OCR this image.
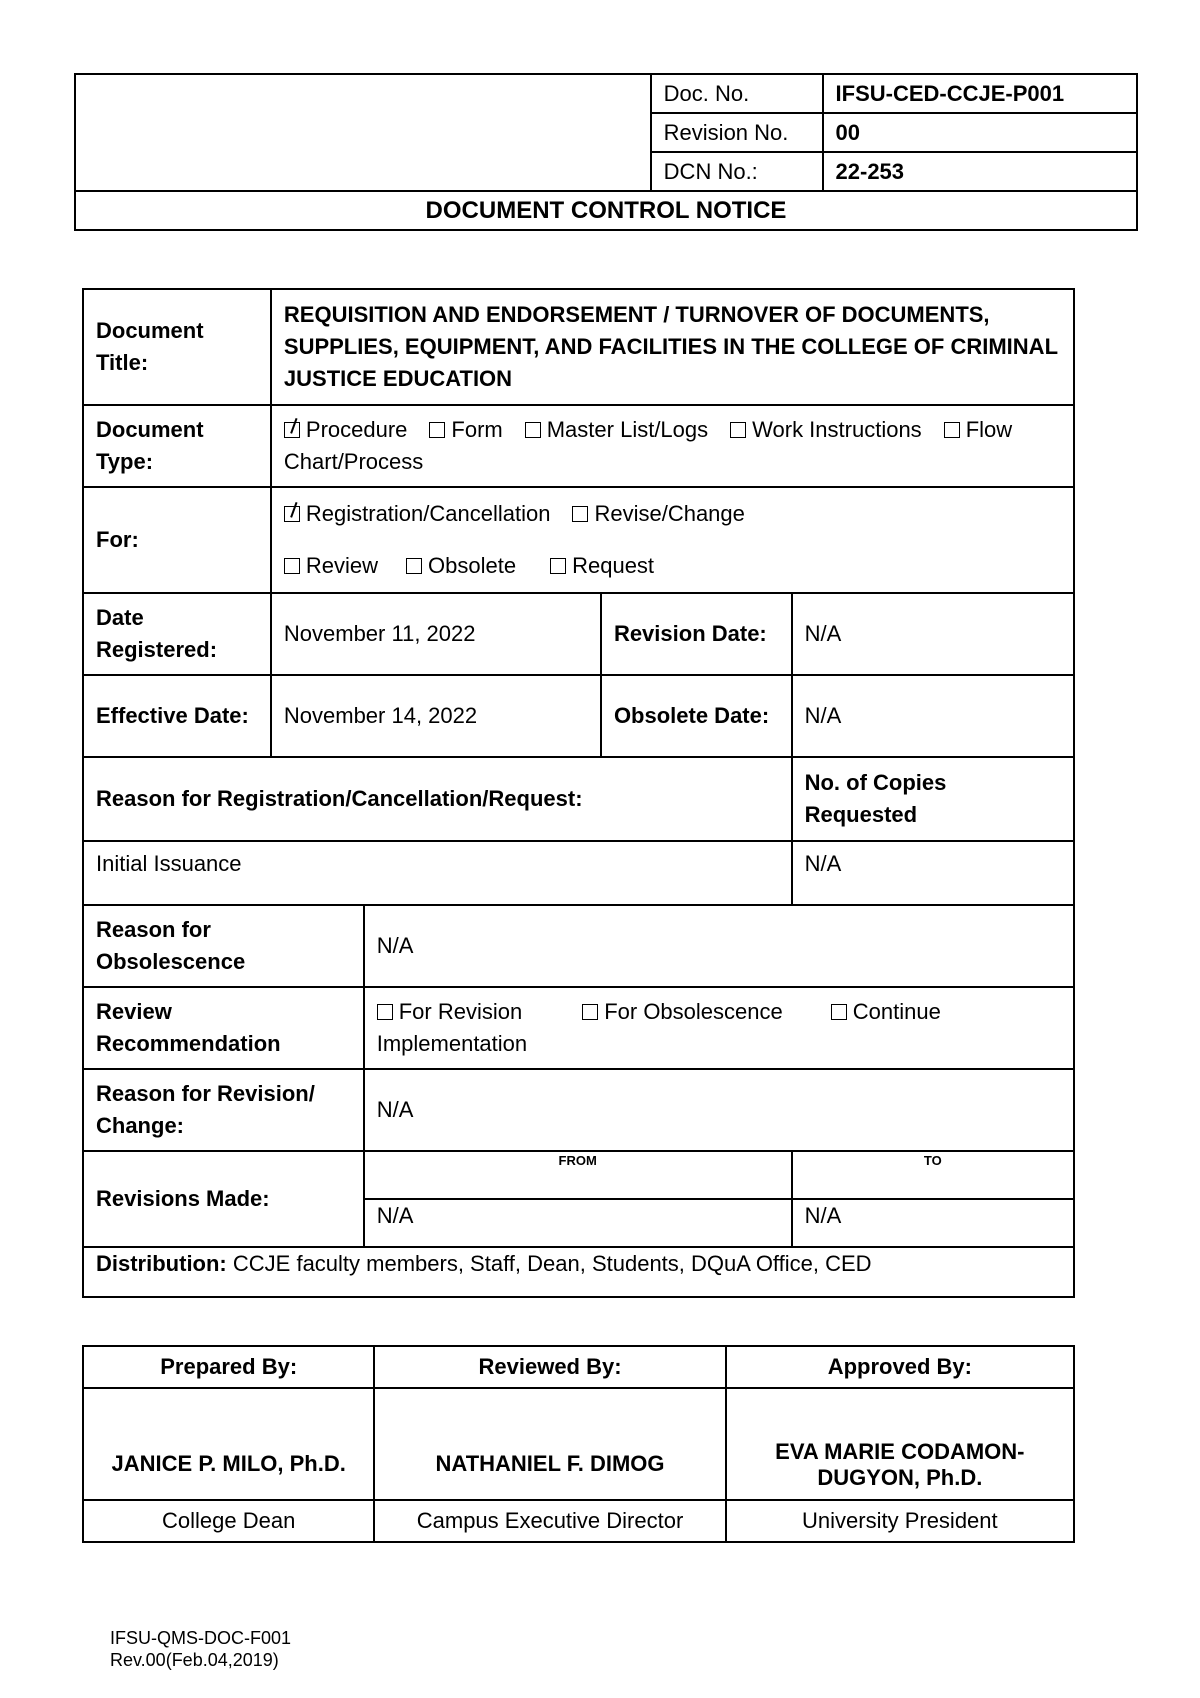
	Doc. No.	IFSU-CED-CCJE-P001
	Revision No.	00
	DCN No.:	22-253
DOCUMENT CONTROL NOTICE		
Document Title:	REQUISITION AND ENDORSEMENT / TURNOVER OF DOCUMENTS, SUPPLIES, EQUIPMENT, AND FACILITIES IN THE COLLEGE OF CRIMINAL JUSTICE EDUCATION			
Document Type:	Procedure Form Master List/Logs Work Instructions Flow Chart/Process			
For:	Registration/Cancellation Revise/Change
Review Obsolete Request			

Date Registered:	November 11, 2022		Revision Date:	N/A
Effective Date:	November 14, 2022		Obsolete Date:	N/A
Reason for Registration/Cancellation/Request:				No. of Copies Requested
Initial Issuance				N/A
Reason for Obsolescence		N/A		
Review Recommendation		For Revision For Obsolescence Continue Implementation		
Reason for Revision/ Change:		N/A		
Revisions Made:		FROM		TO
		N/A		N/A
Distribution: CCJE faculty members, Staff, Dean, Students, DQuA Office, CED				
Prepared By:	Reviewed By:	Approved By:
JANICE P. MILO, Ph.D.	NATHANIEL F. DIMOG	EVA MARIE CODAMON-DUGYON, Ph.D.
College Dean	Campus Executive Director	University President
IFSU-QMS-DOC-F001
Rev.00(Feb.04,2019)
